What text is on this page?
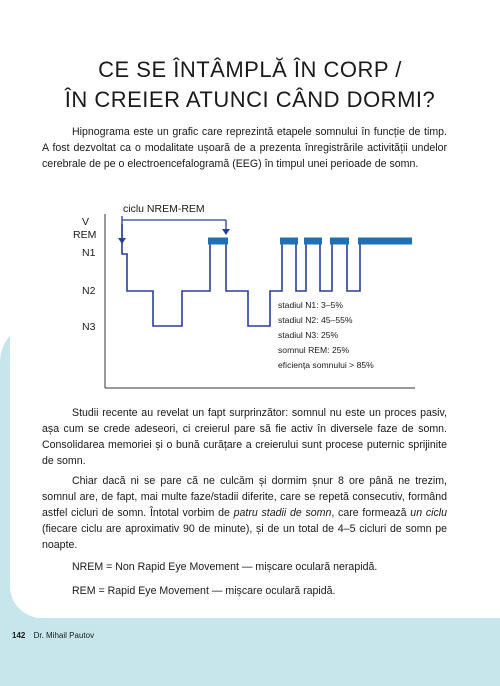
CE SE ÎNTÂMPLĂ ÎN CORP /
ÎN CREIER ATUNCI CÂND DORMI?

Hipnograma este un grafic care reprezintă etapele somnului în funcție de timp. A fost dezvoltat ca o modalitate ușoară de a prezenta înregistrările activității undelor cerebrale de pe o electroencefalogramă (EEG) în timpul unei perioade de somn.

V
REM
N1
N2
N3
ciclu NREM-REM
stadiul N1: 3–5%
stadiul N2: 45–55%
stadiul N3: 25%
somnul REM: 25%
eficiența somnului > 85%

Studii recente au revelat un fapt surprinzător: somnul nu este un proces pasiv, așa cum se crede adeseori, ci creierul pare să fie activ în diversele faze de somn. Consolidarea memoriei și o bună curățare a creierului sunt procese puternic sprijinite de somn.

Chiar dacă ni se pare că ne culcăm și dormim șnur 8 ore până ne trezim, somnul are, de fapt, mai multe faze/stadii diferite, care se repetă consecutiv, formând astfel cicluri de somn. Întotal vorbim de patru stadii de somn, care formează un ciclu (fiecare ciclu are aproximativ 90 de minute), și de un total de 4–5 cicluri de somn pe noapte.

NREM = Non Rapid Eye Movement — mișcare oculară nerapidă.

REM = Rapid Eye Movement — mișcare oculară rapidă.

142 Dr. Mihail Pautov
